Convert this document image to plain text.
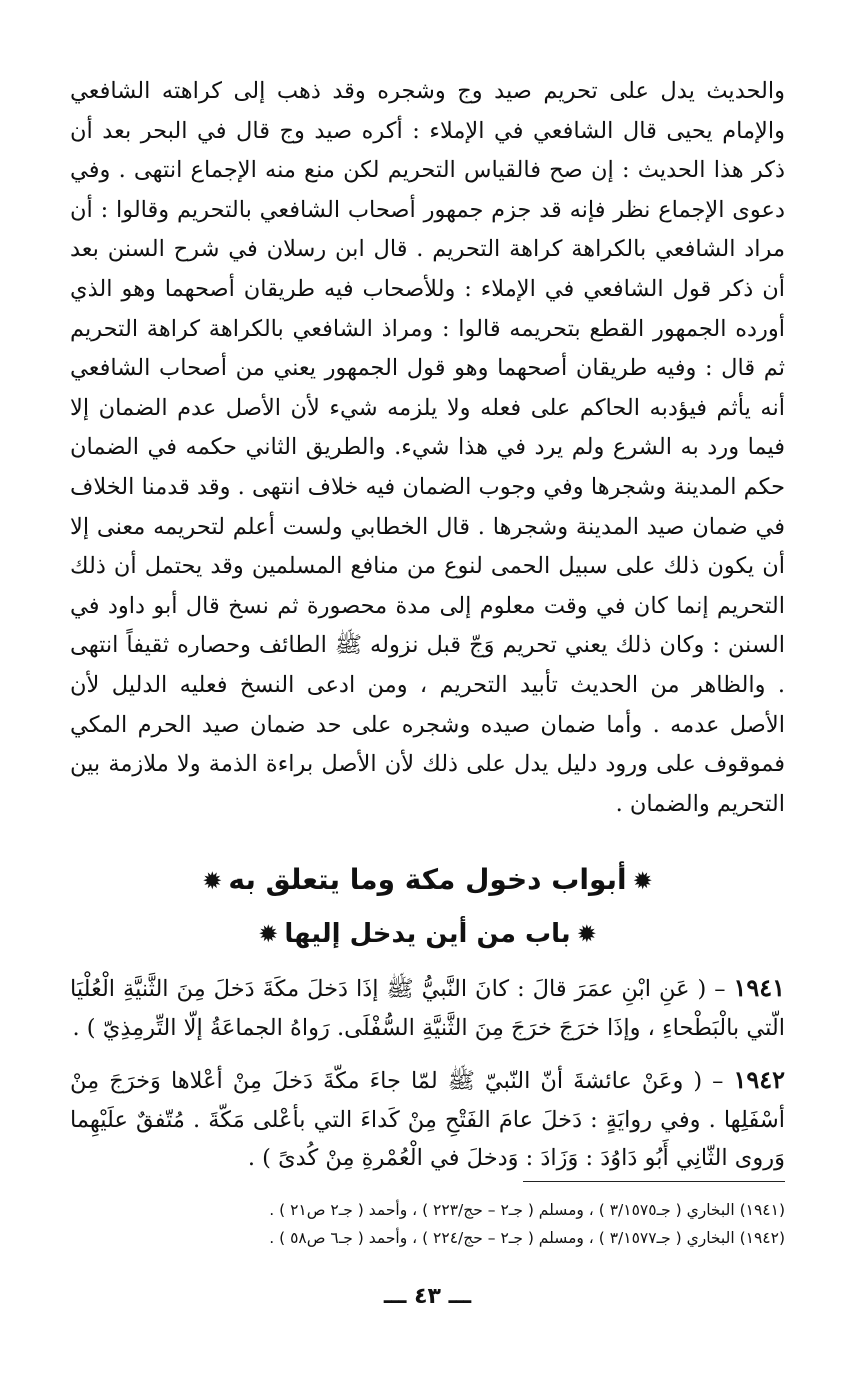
والحديث يدل على تحريم صيد وج وشجره وقد ذهب إلى كراهته الشافعي والإمام يحيى قال الشافعي في الإملاء : أكره صيد وج قال في البحر بعد أن ذكر هذا الحديث : إن صح فالقياس التحريم لكن منع منه الإجماع انتهى . وفي دعوى الإجماع نظر فإنه قد جزم جمهور أصحاب الشافعي بالتحريم وقالوا : أن مراد الشافعي بالكراهة كراهة التحريم . قال ابن رسلان في شرح السنن بعد أن ذكر قول الشافعي في الإملاء : وللأصحاب فيه طريقان أصحهما وهو الذي أورده الجمهور القطع بتحريمه قالوا : ومراذ الشافعي بالكراهة كراهة التحريم ثم قال : وفيه طريقان أصحهما وهو قول الجمهور يعني من أصحاب الشافعي أنه يأثم فيؤدبه الحاكم على فعله ولا يلزمه شيء لأن الأصل عدم الضمان إلا فيما ورد به الشرع ولم يرد في هذا شيء. والطريق الثاني حكمه في الضمان حكم المدينة وشجرها وفي وجوب الضمان فيه خلاف انتهى . وقد قدمنا الخلاف في ضمان صيد المدينة وشجرها . قال الخطابي ولست أعلم لتحريمه معنى إلا أن يكون ذلك على سبيل الحمى لنوع من منافع المسلمين وقد يحتمل أن ذلك التحريم إنما كان في وقت معلوم إلى مدة محصورة ثم نسخ قال أبو داود في السنن : وكان ذلك يعني تحريم وَجّ قبل نزوله ﷺ الطائف وحصاره ثقيفاً انتهى . والظاهر من الحديث تأبيد التحريم ، ومن ادعى النسخ فعليه الدليل لأن الأصل عدمه . وأما ضمان صيده وشجره على حد ضمان صيد الحرم المكي فموقوف على ورود دليل يدل على ذلك لأن الأصل براءة الذمة ولا ملازمة بين التحريم والضمان .

✹أبواب دخول مكة وما يتعلق به✹

✹باب من أين يدخل إليها✹

١٩٤١ – ( عَنِ ابْنِ عمَرَ قالَ : كانَ النَّبيُّ ﷺ إذَا دَخلَ مكَةَ دَخلَ مِنَ الثَّنيَّةِ الْعُلْيَا الّتي بالْبَطْحاءِ ، وإذَا خرَجَ خرَجَ مِنَ الثَّنيَّةِ السُّفْلَى. رَواهُ الجماعَةُ إلّا التِّرمِذِيّ ) .

١٩٤٢ – ( وعَنْ عائشةَ أنّ النّبيّ ﷺ لمّا جاءَ مكّةَ دَخلَ مِنْ أعْلاها وَخرَجَ مِنْ أسْفَلِها . وفي روايَةٍ : دَخلَ عامَ الفَتْحِ مِنْ كَداءَ التي بأعْلى مَكّةَ . مُتّفقٌ علَيْهِما وَروى الثّانِي أَبُو دَاوُدَ : وَزَادَ : وَدخلَ في الْعُمْرةِ مِنْ كُدىً ) .

(١٩٤١) البخاري ( جـ٣/١٥٧٥ ) ، ومسلم ( جـ٢ – حج/٢٢٣ ) ، وأحمد ( جـ٢ ص٢١ ) .

(١٩٤٢) البخاري ( جـ٣/١٥٧٧ ) ، ومسلم ( جـ٢ – حج/٢٢٤ ) ، وأحمد ( جـ٦ ص٥٨ ) .

ـــ ٤٣ ـــ
